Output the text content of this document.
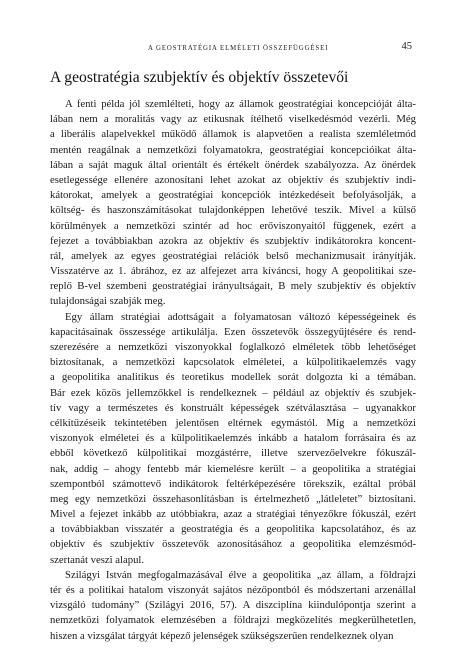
A GEOSTRATÉGIA ELMÉLETI ÖSSZEFÜGGÉSEI	45
A geostratégia szubjektív és objektív összetevői
A fenti példa jól szemlélteti, hogy az államok geostratégiai koncepcióját álta-
lában nem a moralitás vagy az etikusnak ítélhető viselkedésmód vezérli. Még
a liberális alapelvekkel működő államok is alapvetően a realista szemléletmód
mentén reagálnak a nemzetközi folyamatokra, geostratégiai koncepcióikat álta-
lában a saját maguk által orientált és értékelt önérdek szabályozza. Az önérdek
esetlegessége ellenére azonosítani lehet azokat az objektív és szubjektív indi-
kátorokat, amelyek a geostratégiai koncepciók intézkedéseit befolyásolják, a
költség- és haszonszámításokat tulajdonképpen lehetővé teszik. Mivel a külső
körülmények a nemzetközi szintér ad hoc erőviszonyaitól függenek, ezért a
fejezet a továbbiakban azokra az objektív és szubjektív indikátorokra koncent-
rál, amelyek az egyes geostratégiai relációk belső mechanizmusait irányítják.
Visszatérve az 1. ábrához, ez az alfejezet arra kíváncsi, hogy A geopolitikai sze-
replő B-vel szembeni geostratégiai irányultságait, B mely szubjektív és objektív
tulajdonságai szabják meg.
Egy állam stratégiai adottságait a folyamatosan változó képességeinek és
kapacitásainak összessége artikulálja. Ezen összetevők összegyűjtésére és rend-
szerezésére a nemzetközi viszonyokkal foglalkozó elméletek több lehetőséget
biztosítanak, a nemzetközi kapcsolatok elméletei, a külpolitikaelemzés vagy
a geopolitika analitikus és teoretikus modellek sorát dolgozta ki a témában.
Bár ezek közös jellemzőkkel is rendelkeznek – például az objektív és szubjek-
tív vagy a természetes és konstruált képességek szétválasztása – ugyanakkor
célkitűzéseik tekintetében jelentősen eltérnek egymástól. Míg a nemzetközi
viszonyok elméletei és a külpolitikaelemzés inkább a hatalom forrásaira és az
ebből következő külpolitikai mozgástérre, illetve szervezőelvekre fókuszál-
nak, addig – ahogy fentebb már kiemelésre került – a geopolitika a stratégiai
szempontból számottevő indikátorok feltérképezésére törekszik, ezáltal próbál
meg egy nemzetközi összehasonlításban is értelmezhető „látleletet” biztosítani.
Mivel a fejezet inkább az utóbbiakra, azaz a stratégiai tényezőkre fókuszál, ezért
a továbbiakban visszatér a geostratégia és a geopolitika kapcsolatához, és az
objektív és szubjektív összetevők azonosításához a geopolitika elemzésmód-
szertanát veszi alapul.
Szilágyi István megfogalmazásával élve a geopolitika „az állam, a földrajzi
tér és a politikai hatalom viszonyát sajátos nézőpontból és módszertani arzenállal
vizsgáló tudomány” (Szilágyi 2016, 57). A diszciplína kiindulópontja szerint a
nemzetközi folyamatok elemzésében a földrajzi megközelítés megkerülhetetlen,
hiszen a vizsgálat tárgyát képező jelenségek szükségszerűen rendelkeznek olyan
